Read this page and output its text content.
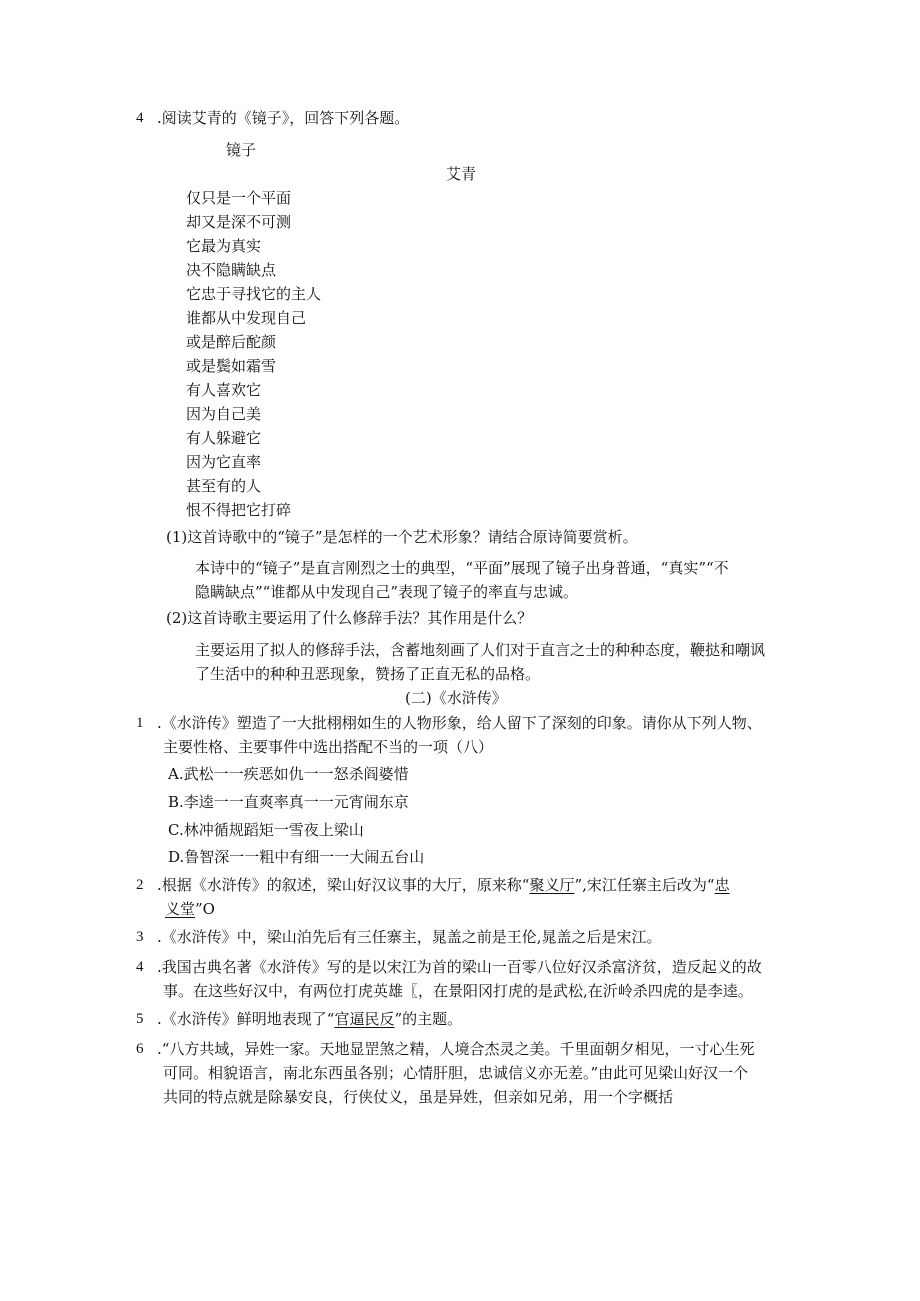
4 .阅读艾青的《镜子》，回答下列各题。
镜子
艾青
仅只是一个平面
却又是深不可测
它最为真实
决不隐瞒缺点
它忠于寻找它的主人
谁都从中发现自己
或是醉后酡颜
或是鬓如霜雪
有人喜欢它
因为自己美
有人躲避它
因为它直率
甚至有的人
恨不得把它打碎
(1)这首诗歌中的“镜子”是怎样的一个艺术形象？请结合原诗简要赏析。
本诗中的“镜子”是直言刚烈之士的典型，“平面”展现了镜子出身普通，“真实”“不
隐瞒缺点”“谁都从中发现自己”表现了镜子的率直与忠诚。
(2)这首诗歌主要运用了什么修辞手法？其作用是什么？
主要运用了拟人的修辞手法，含蓄地刻画了人们对于直言之士的种种态度，鞭挞和嘲讽
了生活中的种种丑恶现象，赞扬了正直无私的品格。
(二)《水浒传》
1 .《水浒传》塑造了一大批栩栩如生的人物形象，给人留下了深刻的印象。请你从下列人物、
主要性格、主要事件中选出搭配不当的一项（八）
A.武松一一疾恶如仇一一怒杀阎婆惜
B.李逵一一直爽率真一一元宵闹东京
C.林冲循规蹈矩一雪夜上梁山
D.鲁智深一一粗中有细一一大闹五台山
2 .根据《水浒传》的叙述，梁山好汉议事的大厅，原来称“聚义厅”,宋江任寨主后改为“忠
义堂”O
3 .《水浒传》中，梁山泊先后有三任寨主，晁盖之前是王伦,晁盖之后是宋江。
4 .我国古典名著《水浒传》写的是以宋江为首的梁山一百零八位好汉杀富济贫，造反起义的故
事。在这些好汉中，有两位打虎英雄〖，在景阳冈打虎的是武松,在沂岭杀四虎的是李逵。
5 .《水浒传》鲜明地表现了“官逼民反”的主题。
6 .“八方共域，异姓一家。天地显罡煞之精，人境合杰灵之美。千里面朝夕相见，一寸心生死
可同。相貌语言，南北东西虽各别；心情肝胆，忠诚信义亦无差。”由此可见梁山好汉一个
共同的特点就是除暴安良，行侠仗义，虽是异姓，但亲如兄弟，用一个字概括
